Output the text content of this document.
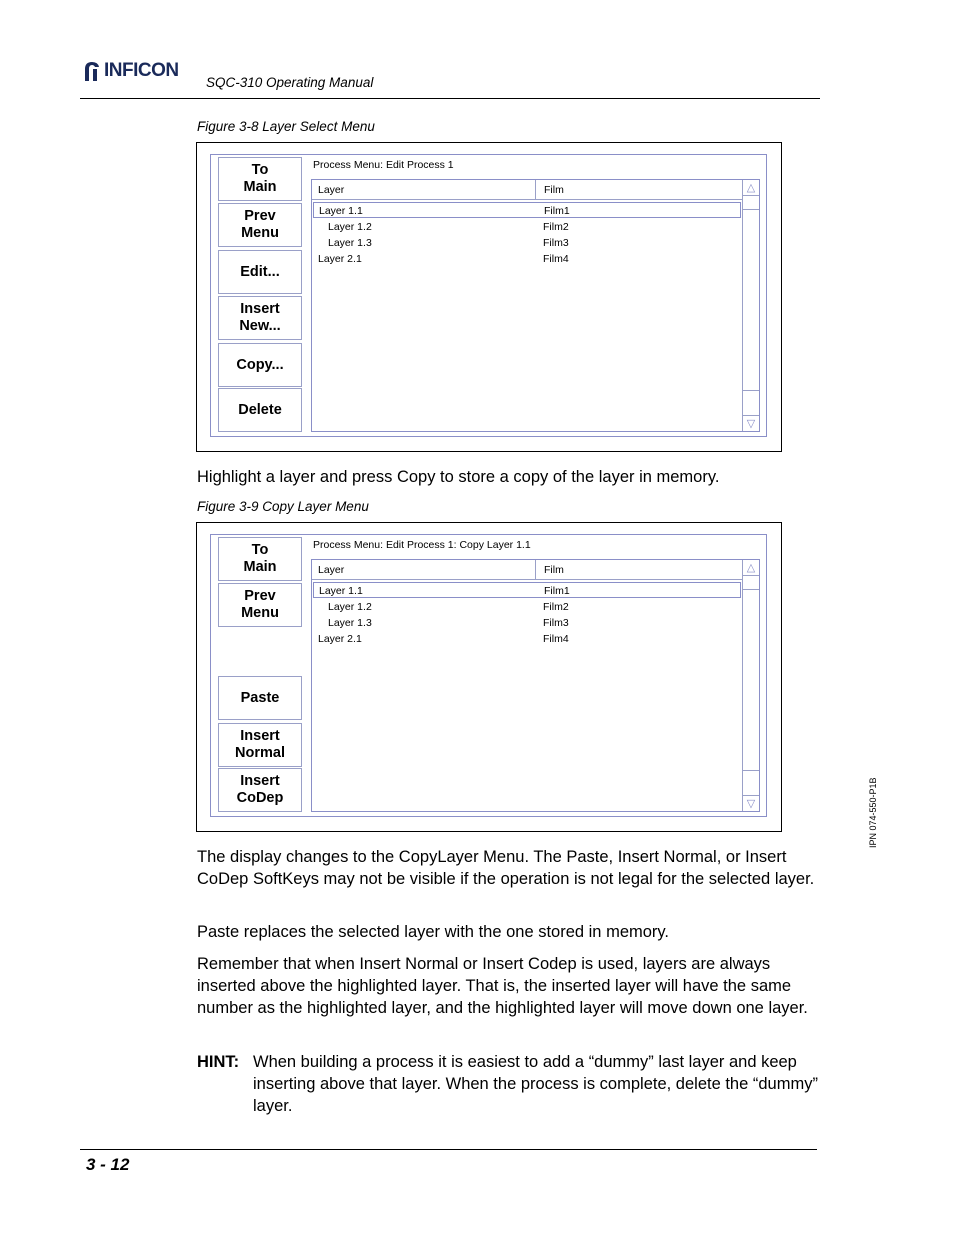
INFICON
SQC-310 Operating Manual
Figure 3-8 Layer Select Menu
To
Main
Prev
Menu
Edit...
Insert
New...
Copy...
Delete
Process Menu: Edit Process 1
Layer	Film
Layer 1.1	Film1
Layer 1.2	Film2
Layer 1.3	Film3
Layer 2.1	Film4
△
▽
Highlight a layer and press Copy to store a copy of the layer in memory.
Figure 3-9 Copy Layer Menu
To
Main
Prev
Menu
Paste
Insert
Normal
Insert
CoDep
Process Menu: Edit Process 1: Copy Layer 1.1
Layer	Film
Layer 1.1	Film1
Layer 1.2	Film2
Layer 1.3	Film3
Layer 2.1	Film4
△
▽
The display changes to the CopyLayer Menu. The Paste, Insert Normal, or Insert CoDep SoftKeys may not be visible if the operation is not legal for the selected layer.
Paste replaces the selected layer with the one stored in memory.
Remember that when Insert Normal or Insert Codep is used, layers are always inserted above the highlighted layer. That is, the inserted layer will have the same number as the highlighted layer, and the highlighted layer will move down one layer.
HINT: When building a process it is easiest to add a “dummy” last layer and keep inserting above that layer. When the process is complete, delete the “dummy” layer.
IPN 074-550-P1B
3 - 12
